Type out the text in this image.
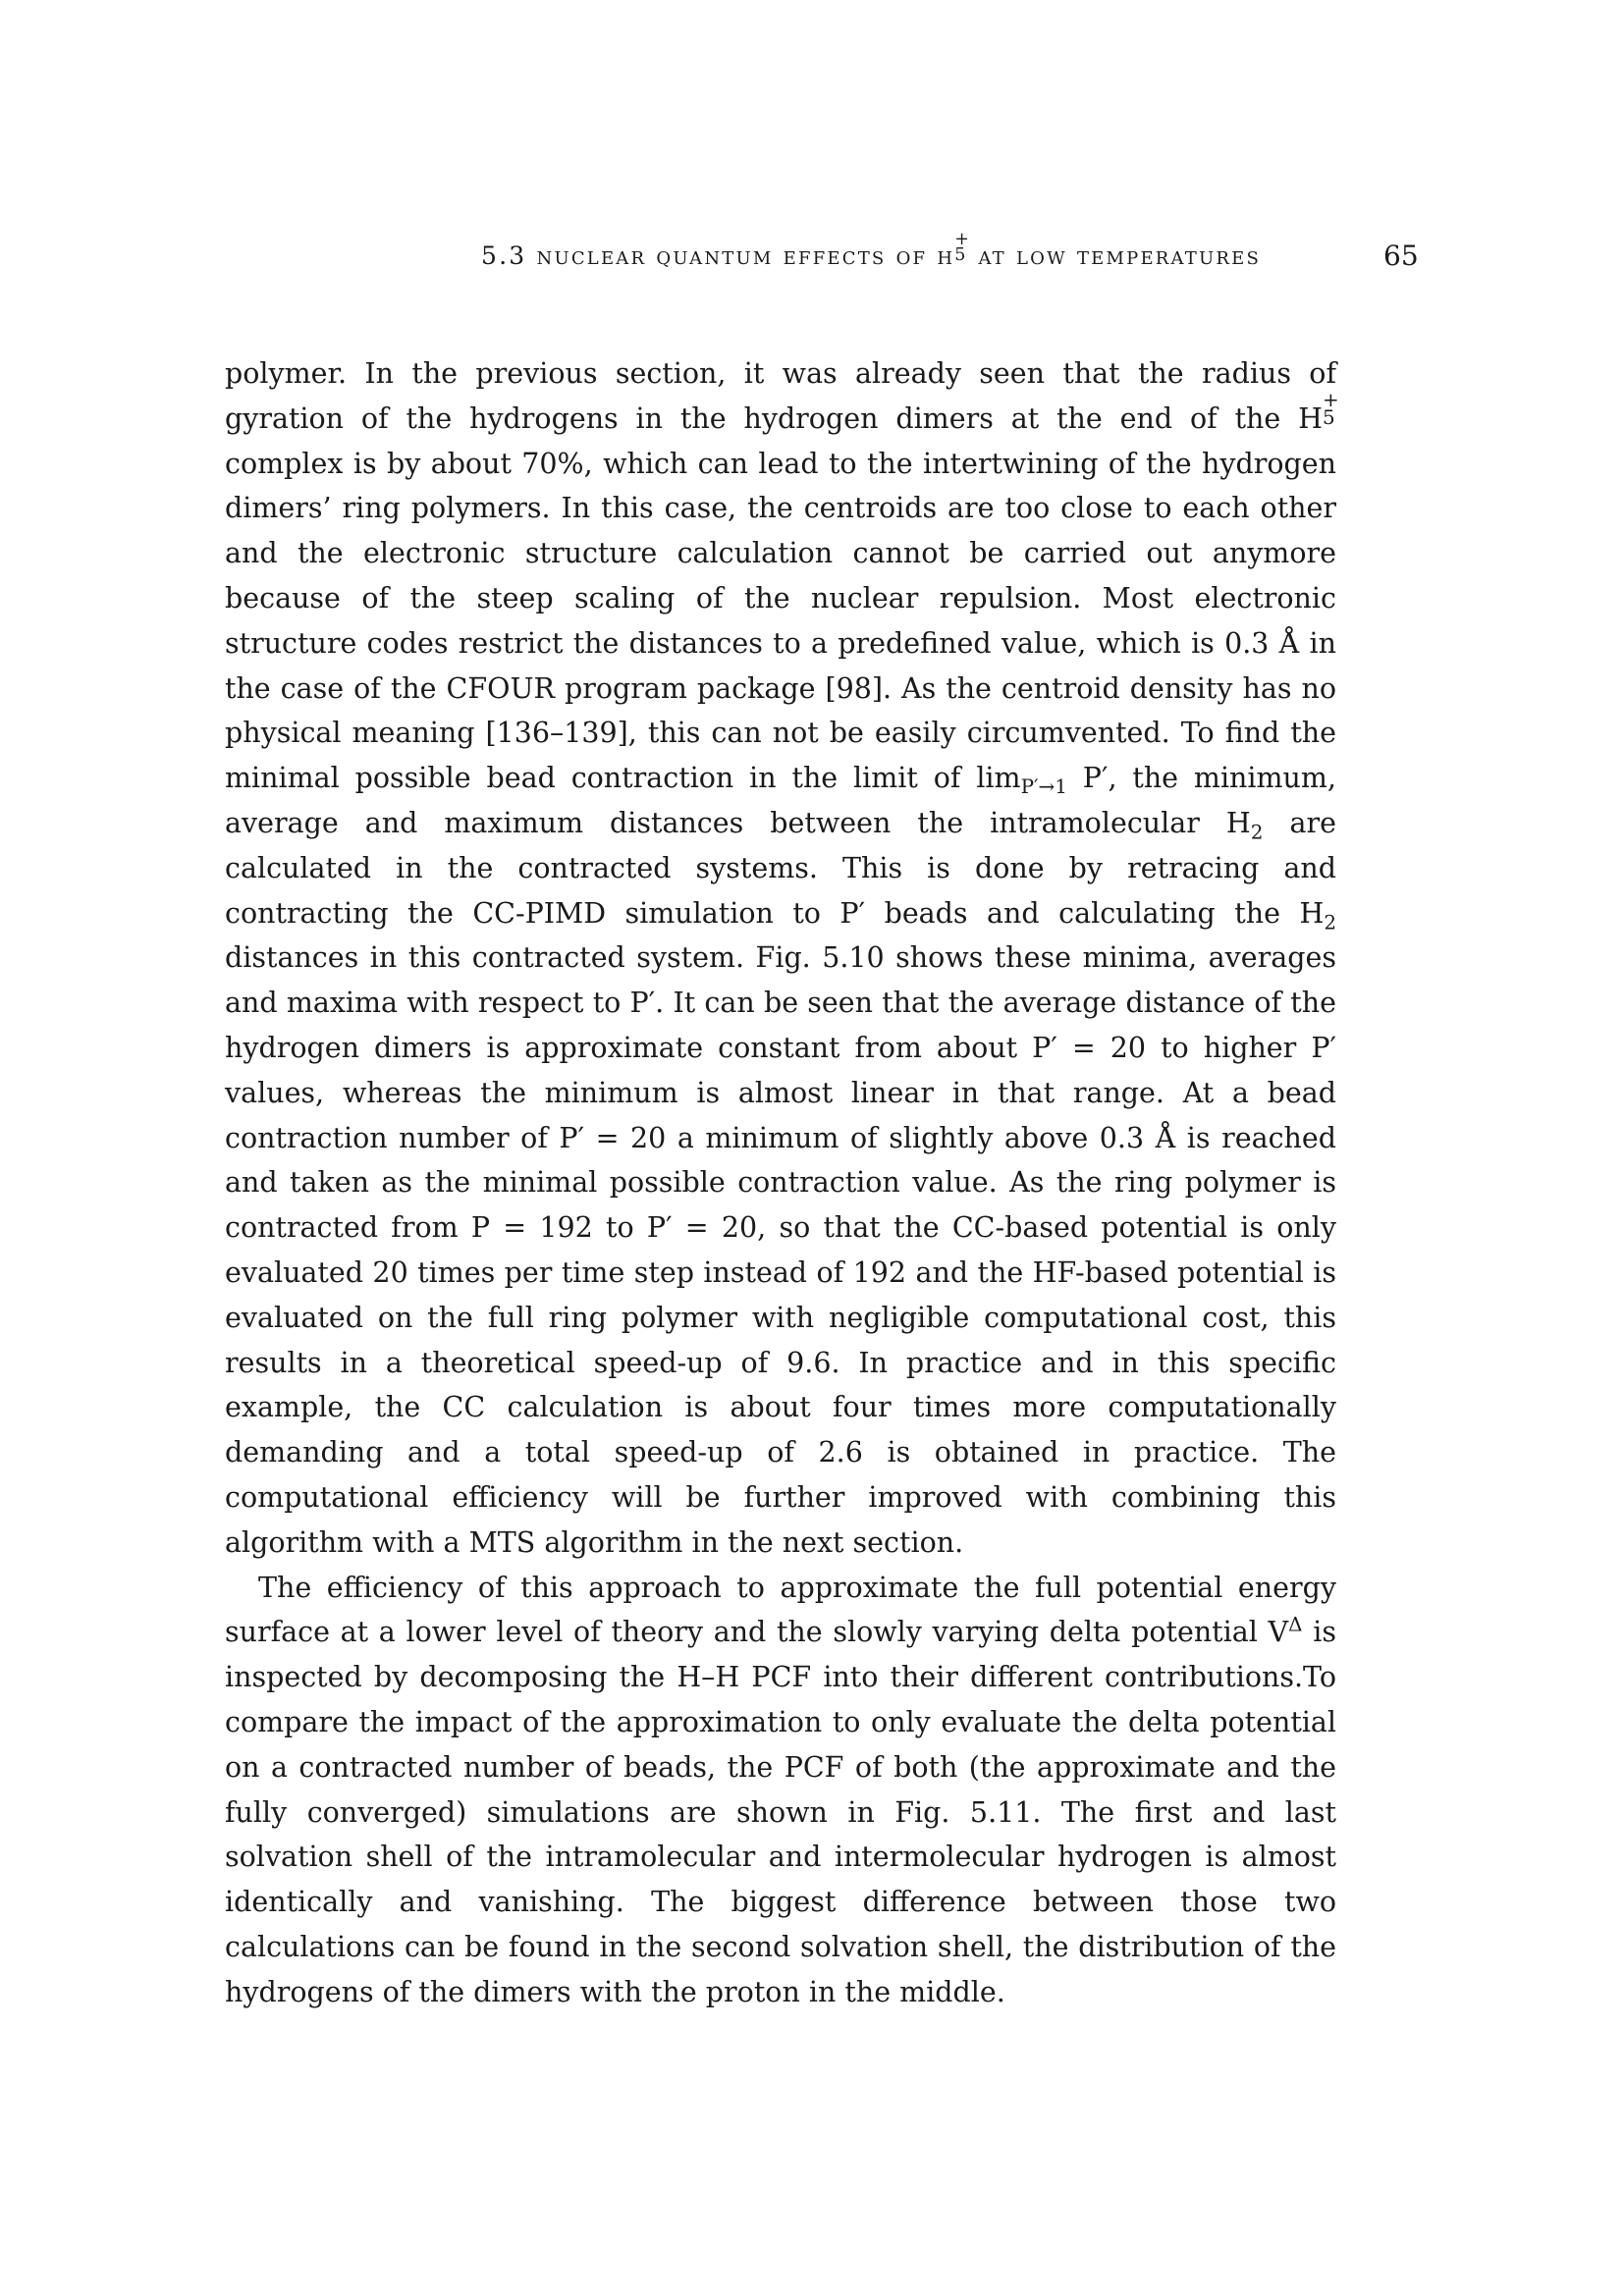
5.3 nuclear quantum effects of h
+
5 at low temperatures	65

polymer. In the previous section, it was already seen that the radius of gyration of the hydrogens in the hydrogen dimers at the end of the H
+
5
complex is by about 70%, which can lead to the intertwining of the hydrogen dimers’ ring polymers. In this case, the centroids are too close to each other and the electronic structure calculation cannot be carried out anymore because of the steep scaling of the nuclear repulsion. Most electronic structure codes restrict the distances to a predefined value, which is 0.3 Å in the case of the CFOUR program package [98]. As the centroid density has no physical meaning [136–139], this can not be easily circumvented. To find the minimal possible bead contraction in the limit of $\lim_{P'\to 1} P'$, the minimum, average and maximum distances between the intramolecular $H_2$ are calculated in the contracted systems. This is done by retracing and contracting the CC-PIMD simulation to P′ beads and calculating the $H_2$ distances in this contracted system. Fig. 5.10 shows these minima, averages and maxima with respect to P′. It can be seen that the average distance of the hydrogen dimers is approximate constant from about P′ = 20 to higher P′ values, whereas the minimum is almost linear in that range. At a bead contraction number of P′ = 20 a minimum of slightly above 0.3 Å is reached and taken as the minimal possible contraction value. As the ring polymer is contracted from P = 192 to P′ = 20, so that the CC-based potential is only evaluated 20 times per time step instead of 192 and the HF-based potential is evaluated on the full ring polymer with negligible computational cost, this results in a theoretical speed-up of 9.6. In practice and in this specific example, the CC calculation is about four times more computationally demanding and a total speed-up of 2.6 is obtained in practice. The computational efficiency will be further improved with combining this algorithm with a MTS algorithm in the next section.

The efficiency of this approach to approximate the full potential energy surface at a lower level of theory and the slowly varying delta potential $V^\Delta$ is inspected by decomposing the H–H PCF into their different contributions.To compare the impact of the approximation to only evaluate the delta potential on a contracted number of beads, the PCF of both (the approximate and the fully converged) simulations are shown in Fig. 5.11. The first and last solvation shell of the intramolecular and intermolecular hydrogen is almost identically and vanishing. The biggest difference between those two calculations can be found in the second solvation shell, the distribution of the hydrogens of the dimers with the proton in the middle.
